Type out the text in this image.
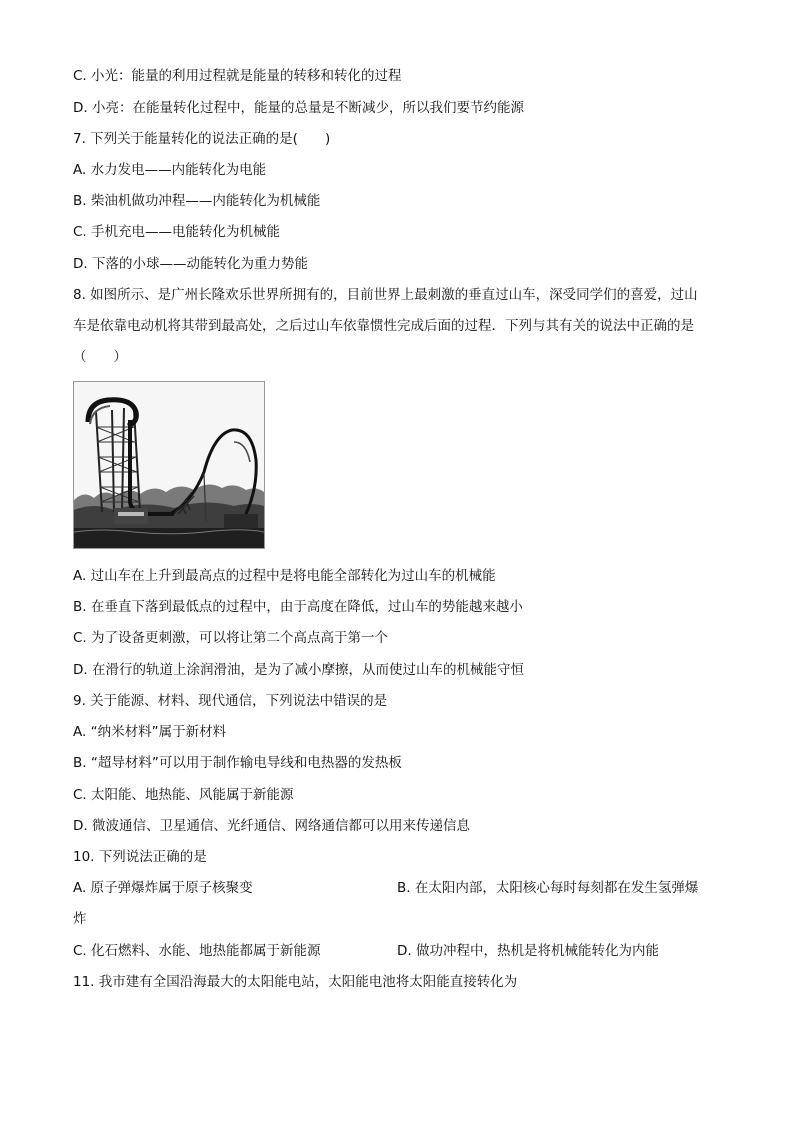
C. 小光：能量的利用过程就是能量的转移和转化的过程
D. 小亮：在能量转化过程中，能量的总量是不断减少，所以我们要节约能源
7. 下列关于能量转化的说法正确的是(　　)
A. 水力发电——内能转化为电能
B. 柴油机做功冲程——内能转化为机械能
C. 手机充电——电能转化为机械能
D. 下落的小球——动能转化为重力势能
8. 如图所示、是广州长隆欢乐世界所拥有的，目前世界上最刺激的垂直过山车，深受同学们的喜爱，过山
车是依靠电动机将其带到最高处，之后过山车依靠惯性完成后面的过程．下列与其有关的说法中正确的是
（　　）
A. 过山车在上升到最高点的过程中是将电能全部转化为过山车的机械能
B. 在垂直下落到最低点的过程中，由于高度在降低，过山车的势能越来越小
C. 为了设备更刺激，可以将让第二个高点高于第一个
D. 在滑行的轨道上涂润滑油，是为了减小摩擦，从而使过山车的机械能守恒
9. 关于能源、材料、现代通信，下列说法中错误的是
A. “纳米材料”属于新材料
B. “超导材料”可以用于制作输电导线和电热器的发热板
C. 太阳能、地热能、风能属于新能源
D. 微波通信、卫星通信、光纤通信、网络通信都可以用来传递信息
10. 下列说法正确的是
A. 原子弹爆炸属于原子核聚变	B. 在太阳内部，太阳核心每时每刻都在发生氢弹爆
炸
C. 化石燃料、水能、地热能都属于新能源	D. 做功冲程中，热机是将机械能转化为内能
11. 我市建有全国沿海最大的太阳能电站，太阳能电池将太阳能直接转化为
